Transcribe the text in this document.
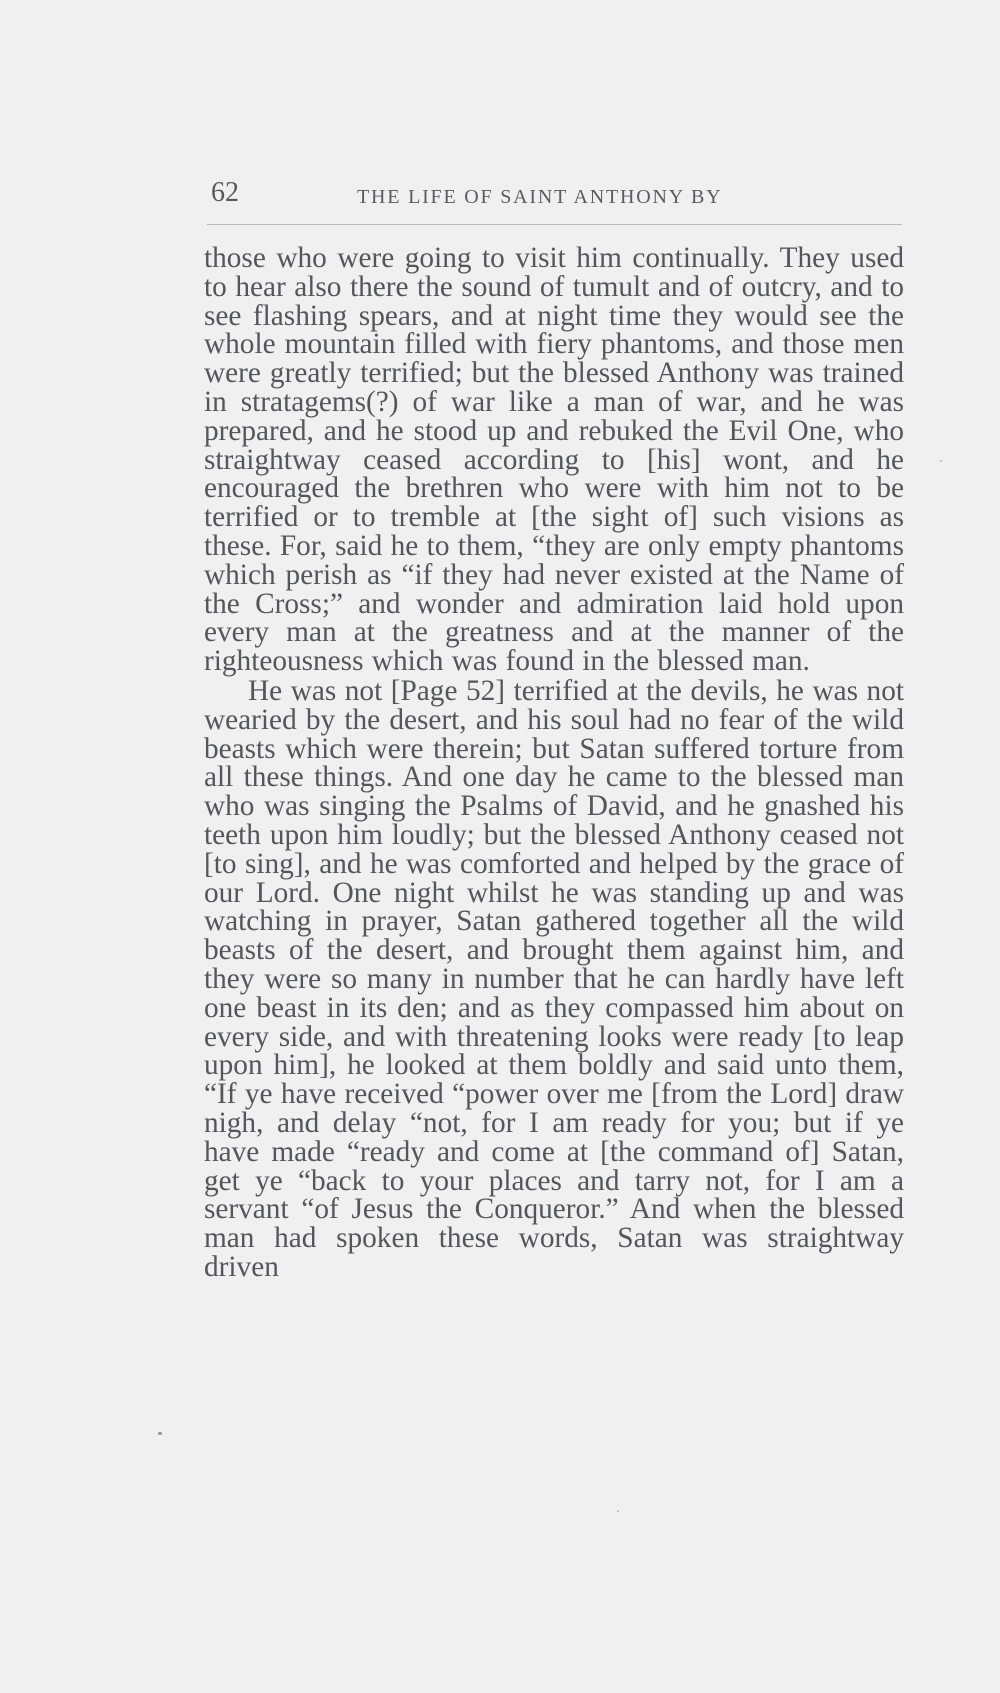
62	THE LIFE OF SAINT ANTHONY BY

those who were going to visit him continually. They used to hear also there the sound of tumult and of outcry, and to see flashing spears, and at night time they would see the whole mountain filled with fiery phantoms, and those men were greatly terrified; but the blessed Anthony was trained in stratagems(?) of war like a man of war, and he was prepared, and he stood up and rebuked the Evil One, who straightway ceased according to [his] wont, and he encouraged the brethren who were with him not to be terrified or to tremble at [the sight of] such visions as these. For, said he to them, “they are only empty phantoms which perish as “if they had never existed at the Name of the Cross;” and wonder and admiration laid hold upon every man at the greatness and at the manner of the righteousness which was found in the blessed man.

He was not [Page 52] terrified at the devils, he was not wearied by the desert, and his soul had no fear of the wild beasts which were therein; but Satan suffered torture from all these things. And one day he came to the blessed man who was singing the Psalms of David, and he gnashed his teeth upon him loudly; but the blessed Anthony ceased not [to sing], and he was comforted and helped by the grace of our Lord. One night whilst he was standing up and was watching in prayer, Satan gathered together all the wild beasts of the desert, and brought them against him, and they were so many in number that he can hardly have left one beast in its den; and as they compassed him about on every side, and with threatening looks were ready [to leap upon him], he looked at them boldly and said unto them, “If ye have received “power over me [from the Lord] draw nigh, and delay “not, for I am ready for you; but if ye have made “ready and come at [the command of] Satan, get ye “back to your places and tarry not, for I am a servant “of Jesus the Conqueror.” And when the blessed man had spoken these words, Satan was straightway driven
